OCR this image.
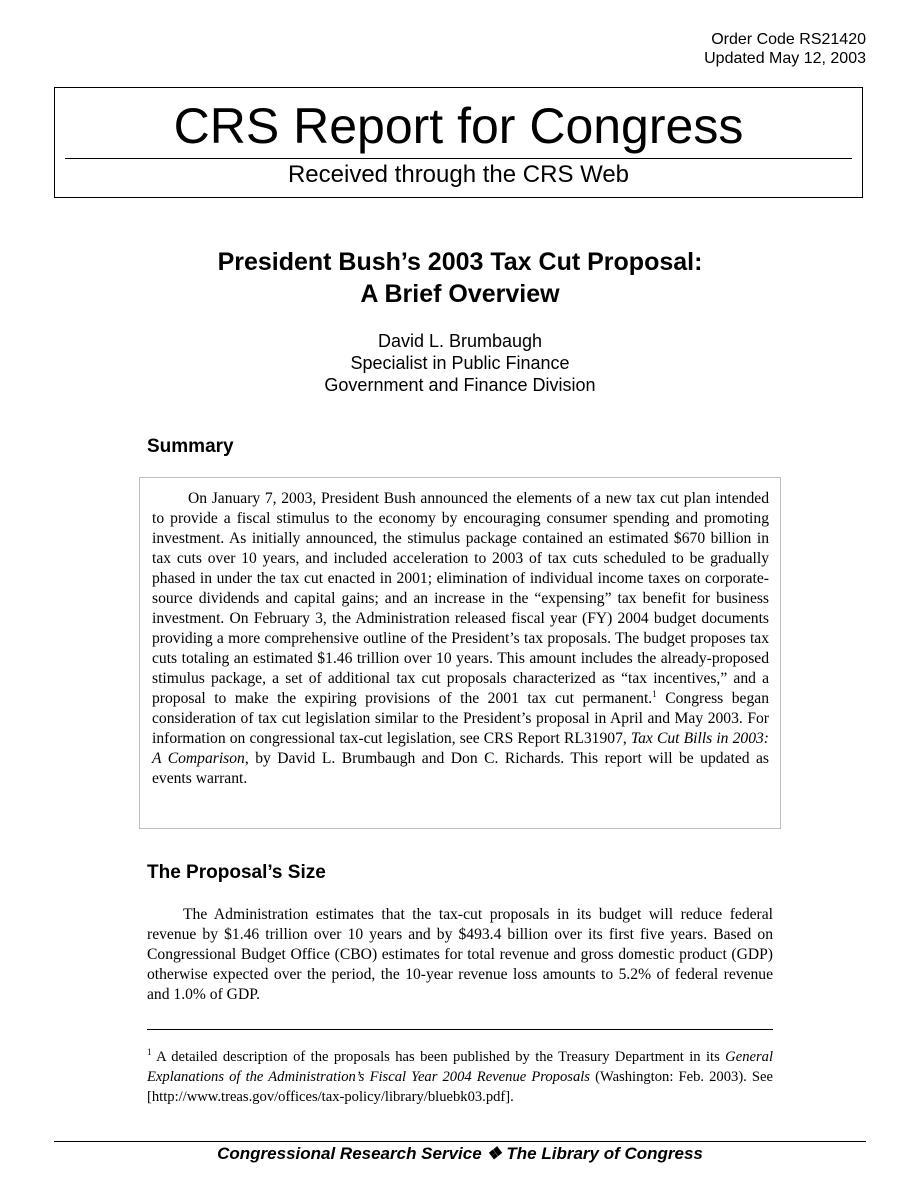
Order Code RS21420
Updated May 12, 2003
CRS Report for Congress
Received through the CRS Web
President Bush’s 2003 Tax Cut Proposal:
A Brief Overview
David L. Brumbaugh
Specialist in Public Finance
Government and Finance Division
Summary

On January 7, 2003, President Bush announced the elements of a new tax cut plan intended to provide a fiscal stimulus to the economy by encouraging consumer spending and promoting investment. As initially announced, the stimulus package contained an estimated $670 billion in tax cuts over 10 years, and included acceleration to 2003 of tax cuts scheduled to be gradually phased in under the tax cut enacted in 2001; elimination of individual income taxes on corporate-source dividends and capital gains; and an increase in the “expensing” tax benefit for business investment. On February 3, the Administration released fiscal year (FY) 2004 budget documents providing a more comprehensive outline of the President’s tax proposals. The budget proposes tax cuts totaling an estimated $1.46 trillion over 10 years. This amount includes the already-proposed stimulus package, a set of additional tax cut proposals characterized as “tax incentives,” and a proposal to make the expiring provisions of the 2001 tax cut permanent.$^1$ Congress began consideration of tax cut legislation similar to the President’s proposal in April and May 2003. For information on congressional tax-cut legislation, see CRS Report RL31907, Tax Cut Bills in 2003: A Comparison, by David L. Brumbaugh and Don C. Richards. This report will be updated as events warrant.

The Proposal’s Size

The Administration estimates that the tax-cut proposals in its budget will reduce federal revenue by $1.46 trillion over 10 years and by $493.4 billion over its first five years. Based on Congressional Budget Office (CBO) estimates for total revenue and gross domestic product (GDP) otherwise expected over the period, the 10-year revenue loss amounts to 5.2% of federal revenue and 1.0% of GDP.

$^1$ A detailed description of the proposals has been published by the Treasury Department in its General Explanations of the Administration’s Fiscal Year 2004 Revenue Proposals (Washington: Feb. 2003). See [http://www.treas.gov/offices/tax-policy/library/bluebk03.pdf].

Congressional Research Service ❖ The Library of Congress
